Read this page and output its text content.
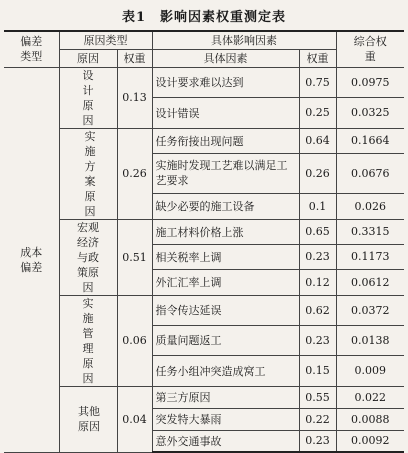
表1 影响因素权重测定表
偏差类型	原因类型		具体影响因素		综合权重
	原因	权重	具体因素	权重	
成本偏差	设计原因	0.13	设计要求难以达到	0.75	0.0975
			设计错误	0.25	0.0325
	实施方案原因	0.26	任务衔接出现问题	0.64	0.1664
			实施时发现工艺难以满足工艺要求	0.26	0.0676
			缺少必要的施工设备	0.1	0.026
	宏观经济与政策原因	0.51	施工材料价格上涨	0.65	0.3315
			相关税率上调	0.23	0.1173
			外汇汇率上调	0.12	0.0612
	实施管理原因	0.06	指令传达延误	0.62	0.0372
			质量问题返工	0.23	0.0138
			任务小组冲突造成窝工	0.15	0.009
	其他原因	0.04	第三方原因	0.55	0.022
			突发特大暴雨	0.22	0.0088
			意外交通事故	0.23	0.0092
